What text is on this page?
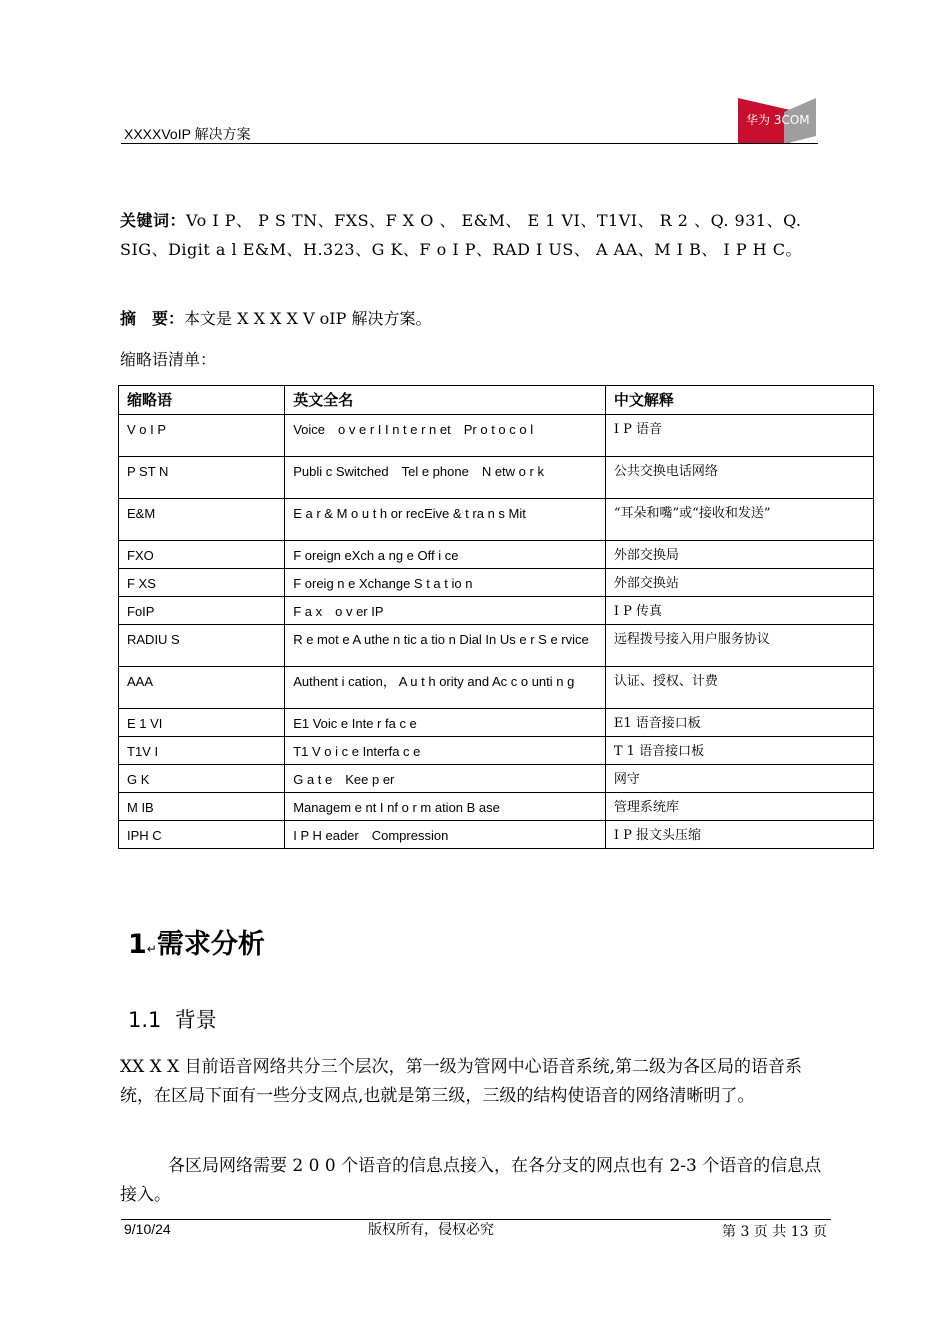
XXXXVoIP 解决方案
华为 3COM
关键词：Vo I P、 P S TN、FXS、F X O 、 E&M、 E 1 VI、T1VI、 R 2 、Q. 931、Q. SIG、Digit a l E&M、H.323、G K、F o I P、RAD I US、 A AA、M I B、 I P H C。
摘　要：本文是 X X X X V oIP 解决方案。
缩略语清单：
缩略语	英文全名	中文解释
V o I P	Voice　o v e r I I n t e r n et　Pr o t o c o l	I P 语音
P ST N	Publi c Switched　Tel e phone　N etw o r k	公共交换电话网络
E&M	E a r & M o u t h or recEive & t ra n s Mit	“耳朵和嘴”或“接收和发送”
FXO	F oreign eXch a ng e Off i ce	外部交换局
F XS	F oreig n e Xchange S t a t io n	外部交换站
FoIP	F a x　o v er IP	I P 传真
RADIU S	R e mot e A uthe n tic a tio n Dial In Us e r S e rvice	远程拨号接入用户服务协议
AAA	Authent i cation， A u t h ority and Ac c o unti n g	认证、授权、计费
E 1 VI	E1 Voic e Inte r fa c e	E1 语音接口板
T1V I	T1 V o i c e Interfa c e	T 1 语音接口板
G K	G a t e　Kee p er	网守
M IB	Managem e nt I nf o r m ation B ase	管理系统库
IPH C	I P H eader　Compression	I P 报文头压缩
1↵需求分析
1.1 背景
XX X X 目前语音网络共分三个层次，第一级为管网中心语音系统,第二级为各区局的语音系统，在区局下面有一些分支网点,也就是第三级，三级的结构使语音的网络清晰明了。
各区局网络需要 2 0 0 个语音的信息点接入，在各分支的网点也有 2-3 个语音的信息点接入。
9/10/24	版权所有，侵权必究	第 3 页 共 13 页
